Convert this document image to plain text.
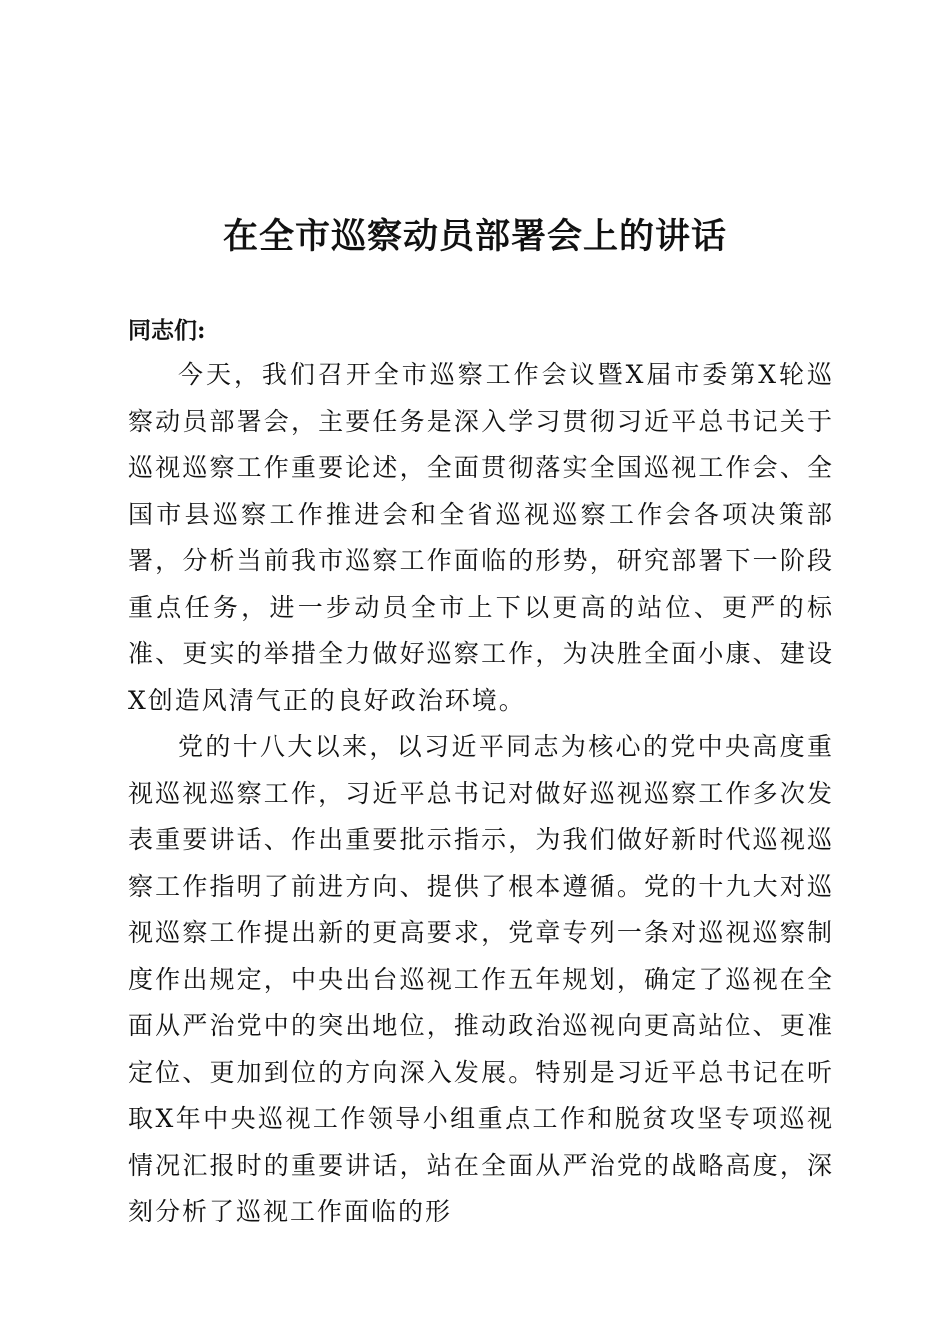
在全市巡察动员部署会上的讲话

同志们:

今天，我们召开全市巡察工作会议暨X届市委第X轮巡察动员部署会，主要任务是深入学习贯彻习近平总书记关于巡视巡察工作重要论述，全面贯彻落实全国巡视工作会、全国市县巡察工作推进会和全省巡视巡察工作会各项决策部署，分析当前我市巡察工作面临的形势，研究部署下一阶段重点任务，进一步动员全市上下以更高的站位、更严的标准、更实的举措全力做好巡察工作，为决胜全面小康、建设X创造风清气正的良好政治环境。

党的十八大以来，以习近平同志为核心的党中央高度重视巡视巡察工作，习近平总书记对做好巡视巡察工作多次发表重要讲话、作出重要批示指示，为我们做好新时代巡视巡察工作指明了前进方向、提供了根本遵循。党的十九大对巡视巡察工作提出新的更高要求，党章专列一条对巡视巡察制度作出规定，中央出台巡视工作五年规划，确定了巡视在全面从严治党中的突出地位，推动政治巡视向更高站位、更准定位、更加到位的方向深入发展。特别是习近平总书记在听取X年中央巡视工作领导小组重点工作和脱贫攻坚专项巡视情况汇报时的重要讲话，站在全面从严治党的战略高度，深刻分析了巡视工作面临的形
